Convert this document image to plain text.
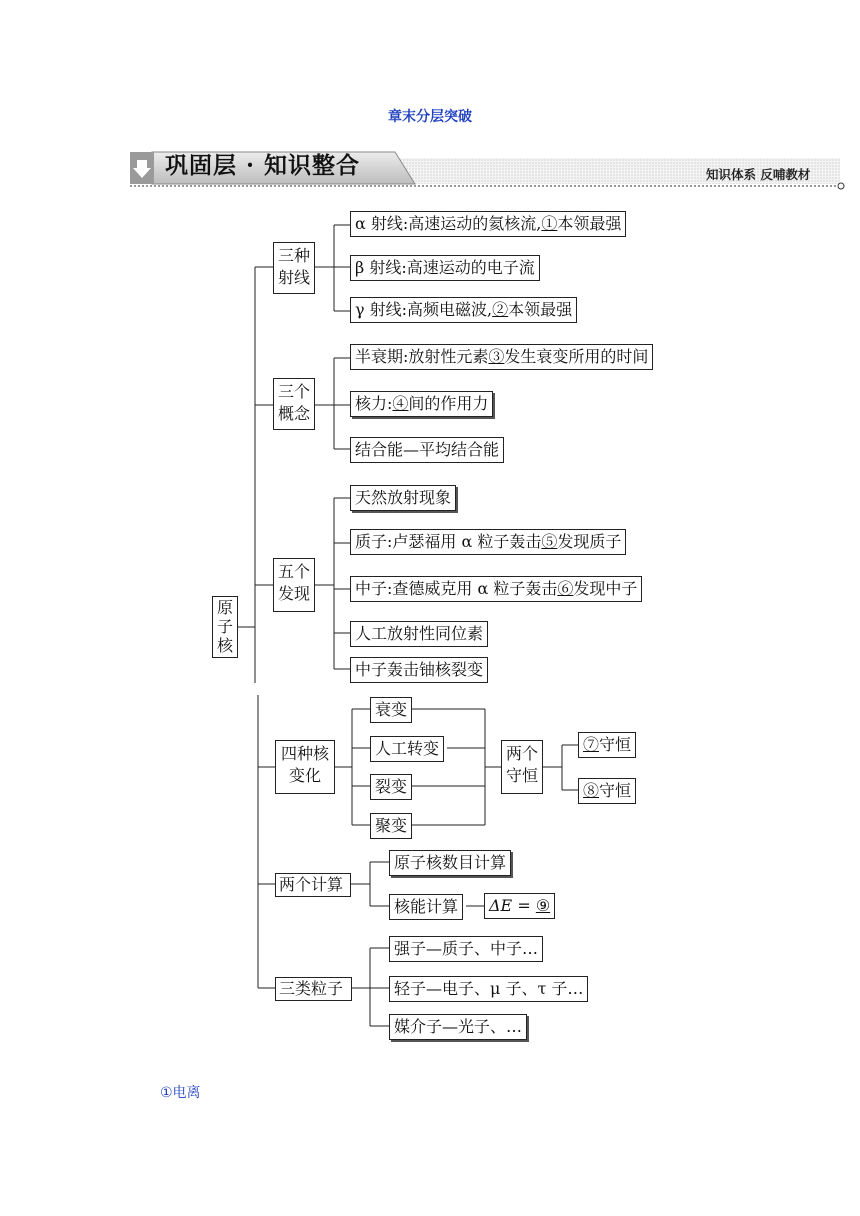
章末分层突破
巩固层 · 知识整合	知识体系 反哺教材
原子核
三种射线
三个概念
五个发现
四种核变化
两个计算
三类粒子
α 射线:高速运动的氦核流,①本领最强
β 射线:高速运动的电子流
γ 射线:高频电磁波,②本领最强
半衰期:放射性元素③发生衰变所用的时间
核力:④间的作用力
结合能—平均结合能
天然放射现象
质子:卢瑟福用 α 粒子轰击⑤发现质子
中子:查德威克用 α 粒子轰击⑥发现中子
人工放射性同位素
中子轰击铀核裂变
衰变
人工转变
裂变
聚变
两个守恒
⑦守恒
⑧守恒
原子核数目计算
核能计算	ΔE = ⑨
强子—质子、中子…
轻子—电子、μ 子、τ 子…
媒介子—光子、…
①电离
